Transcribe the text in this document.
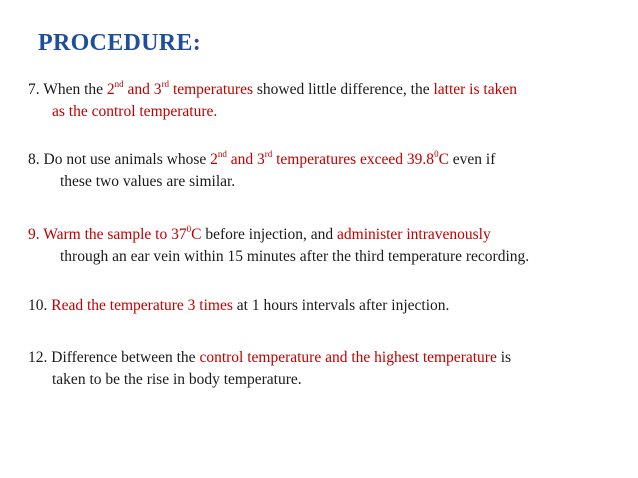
PROCEDURE:
7. When the 2nd and 3rd temperatures showed little difference, the latter is taken
as the control temperature.
8. Do not use animals whose 2nd and 3rd temperatures exceed 39.8$^0$C even if
these two values are similar.
9. Warm the sample to $37^0C$ before injection, and administer intravenously
through an ear vein within 15 minutes after the third temperature recording.
10. Read the temperature 3 times at 1 hours intervals after injection.
12. Difference between the control temperature and the highest temperature is
taken to be the rise in body temperature.
